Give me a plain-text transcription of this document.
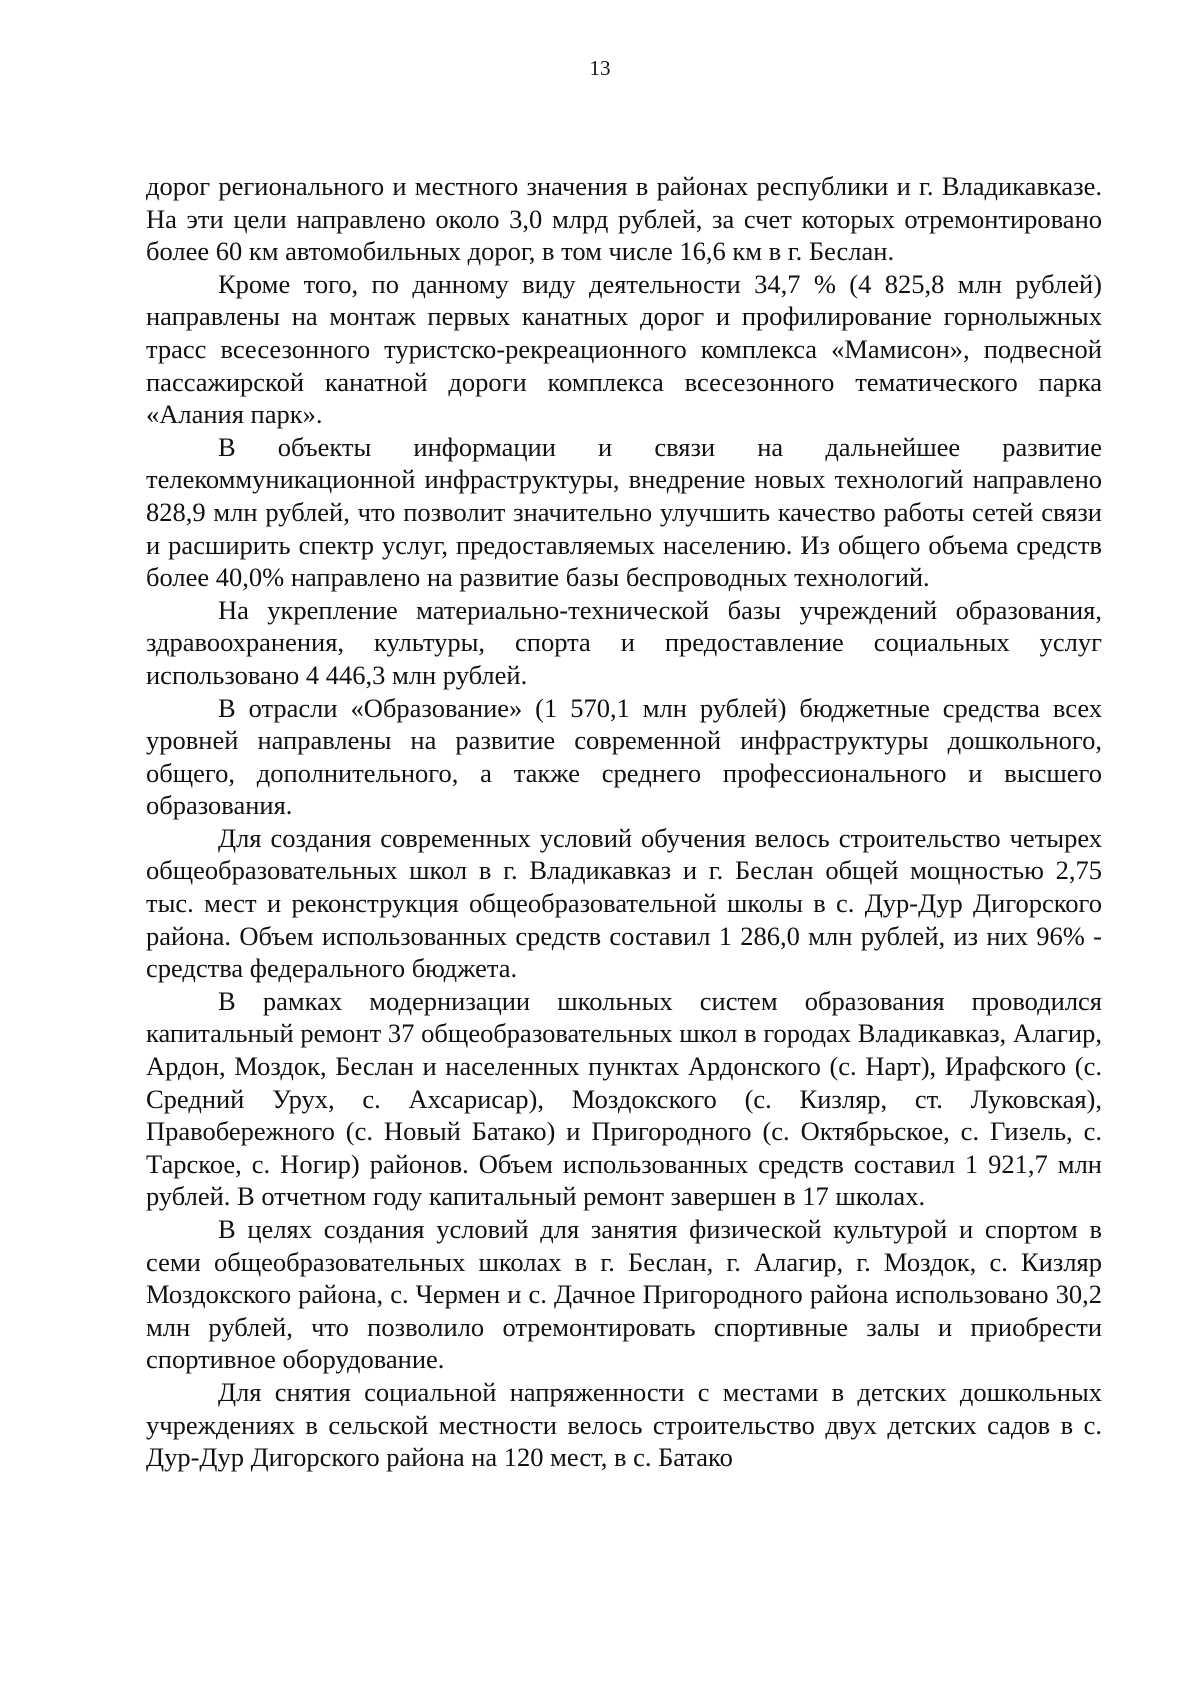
13

дорог регионального и местного значения в районах республики и г. Владикавказе. На эти цели направлено около 3,0 млрд рублей, за счет которых отремонтировано более 60 км автомобильных дорог, в том числе 16,6 км в г. Беслан.

Кроме того, по данному виду деятельности 34,7 % (4 825,8 млн рублей) направлены на монтаж первых канатных дорог и профилирование горнолыжных трасс всесезонного туристско-рекреационного комплекса «Мамисон», подвесной пассажирской канатной дороги комплекса всесезонного тематического парка «Алания парк».

В объекты информации и связи на дальнейшее развитие телекоммуникационной инфраструктуры, внедрение новых технологий направлено 828,9 млн рублей, что позволит значительно улучшить качество работы сетей связи и расширить спектр услуг, предоставляемых населению. Из общего объема средств более 40,0% направлено на развитие базы беспроводных технологий.

На укрепление материально-технической базы учреждений образования, здравоохранения, культуры, спорта и предоставление социальных услуг использовано 4 446,3 млн рублей.

В отрасли «Образование» (1 570,1 млн рублей) бюджетные средства всех уровней направлены на развитие современной инфраструктуры дошкольного, общего, дополнительного, а также среднего профессионального и высшего образования.

Для создания современных условий обучения велось строительство четырех общеобразовательных школ в г. Владикавказ и г. Беслан общей мощностью 2,75 тыс. мест и реконструкция общеобразовательной школы в с. Дур-Дур Дигорского района. Объем использованных средств составил 1 286,0 млн рублей, из них 96% - средства федерального бюджета.

В рамках модернизации школьных систем образования проводился капитальный ремонт 37 общеобразовательных школ в городах Владикавказ, Алагир, Ардон, Моздок, Беслан и населенных пунктах Ардонского (с. Нарт), Ирафского (с. Средний Урух, с. Ахсарисар), Моздокского (с. Кизляр, ст. Луковская), Правобережного (с. Новый Батако) и Пригородного (с. Октябрьское, с. Гизель, с. Тарское, с. Ногир) районов. Объем использованных средств составил 1 921,7 млн рублей. В отчетном году капитальный ремонт завершен в 17 школах.

В целях создания условий для занятия физической культурой и спортом в семи общеобразовательных школах в г. Беслан, г. Алагир, г. Моздок, с. Кизляр Моздокского района, с. Чермен и с. Дачное Пригородного района использовано 30,2 млн рублей, что позволило отремонтировать спортивные залы и приобрести спортивное оборудование.

Для снятия социальной напряженности с местами в детских дошкольных учреждениях в сельской местности велось строительство двух детских садов в с. Дур-Дур Дигорского района на 120 мест, в с. Батако
